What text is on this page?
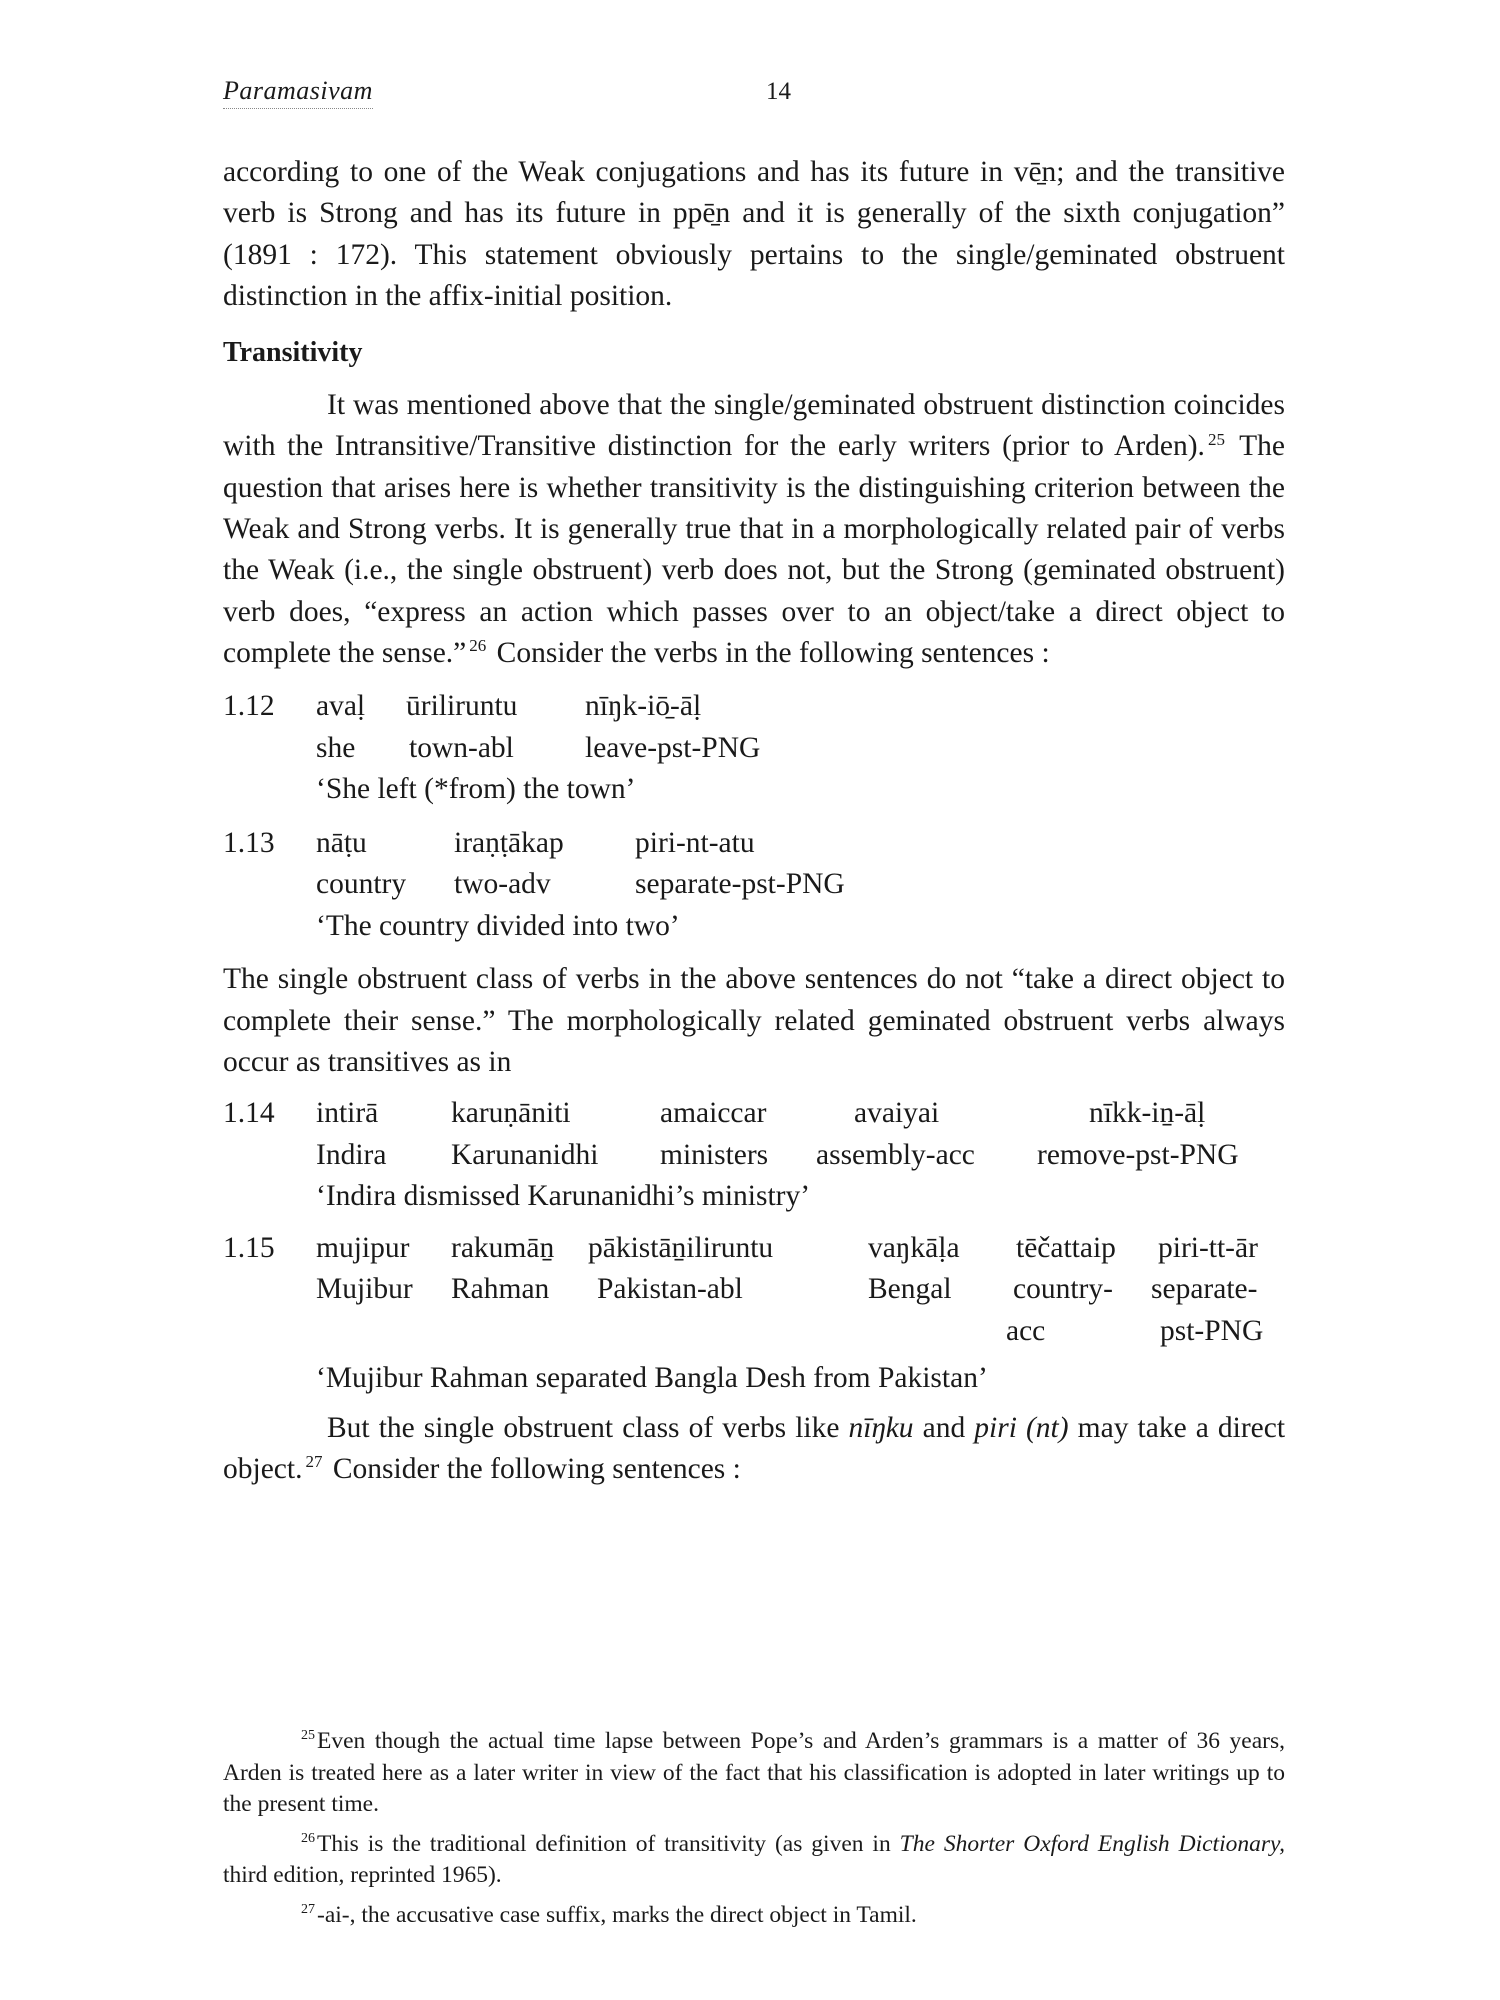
Paramasivam	14

according to one of the Weak conjugations and has its future in vē̱n; and the transitive verb is Strong and has its future in ppē̱n and it is generally of the sixth conjugation” (1891 : 172). This statement obviously pertains to the single/geminated obstruent distinction in the affix-initial position.

Transitivity

It was mentioned above that the single/geminated obstruent distinction coincides with the Intransitive/Transitive distinction for the early writers (prior to Arden). $^{25}$ The question that arises here is whether transitivity is the distinguishing criterion between the Weak and Strong verbs. It is generally true that in a morphologically related pair of verbs the Weak (i.e., the single obstruent) verb does not, but the Strong (geminated obstruent) verb does, “express an action which passes over to an object/take a direct object to complete the sense.” $^{26}$ Consider the verbs in the following sentences :

1.12 avaḷ ūriliruntu nīŋk-iō̱-āḷ
she town-abl leave-pst-PNG
‘She left (*from) the town’
1.13 nāṭu	iraṇṭākap piri-nt-atu
country two-adv	separate-pst-PNG
‘The country divided into two’

The single obstruent class of verbs in the above sentences do not “take a direct object to complete their sense.” The morphologically related geminated obstruent verbs always occur as transitives as in

1.14 intirā karuṇāniti	amaiccar	avaiyai	nīkk-iṉ-āḷ
Indira Karunanidhi ministers assembly-acc remove-pst-PNG
‘Indira dismissed Karunanidhi’s ministry’
1.15 mujipur rakumāṉ pākistāṉiliruntu	vaŋkāḷa tēčattaip piri-tt-ār
Mujibur Rahman Pakistan-abl	Bengal country- separate-
acc	pst-PNG
‘Mujibur Rahman separated Bangla Desh from Pakistan’

But the single obstruent class of verbs like nīŋku and piri (nt) may take a direct object. $^{27}$ Consider the following sentences :

$^{25}$Even though the actual time lapse between Pope’s and Arden’s grammars is a matter of 36 years, Arden is treated here as a later writer in view of the fact that his classification is adopted in later writings up to the present time.

$^{26}$This is the traditional definition of transitivity (as given in The Shorter Oxford English Dictionary, third edition, reprinted 1965).

$^{27}$-ai-, the accusative case suffix, marks the direct object in Tamil.
